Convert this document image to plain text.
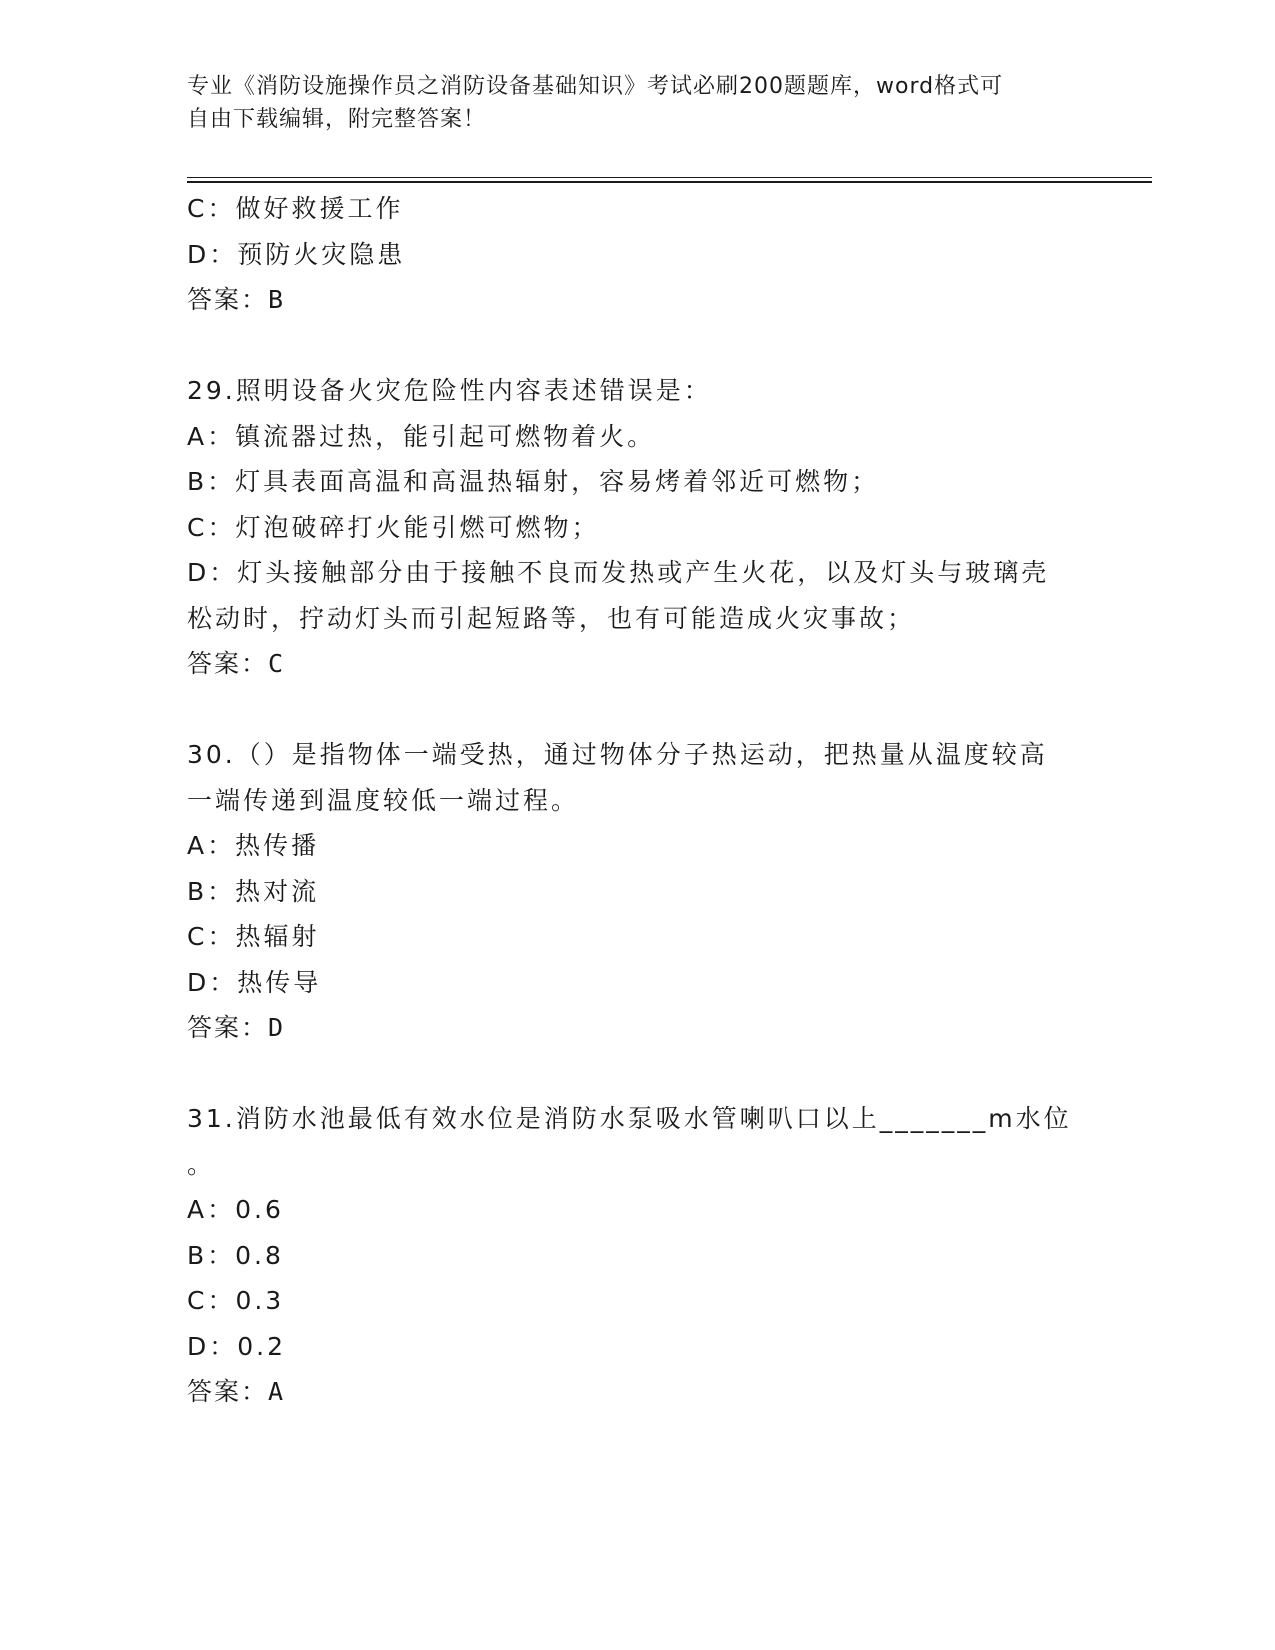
专业《消防设施操作员之消防设备基础知识》考试必刷200题题库，word格式可
自由下载编辑，附完整答案！
C：做好救援工作
D：预防火灾隐患
答案：B
29.照明设备火灾危险性内容表述错误是：
A：镇流器过热，能引起可燃物着火。
B：灯具表面高温和高温热辐射，容易烤着邻近可燃物；
C：灯泡破碎打火能引燃可燃物；
D：灯头接触部分由于接触不良而发热或产生火花，以及灯头与玻璃壳
松动时，拧动灯头而引起短路等，也有可能造成火灾事故；
答案：C
30.（）是指物体一端受热，通过物体分子热运动，把热量从温度较高
一端传递到温度较低一端过程。
A：热传播
B：热对流
C：热辐射
D：热传导
答案：D
31.消防水池最低有效水位是消防水泵吸水管喇叭口以上_______m水位
。
A：0.6
B：0.8
C：0.3
D：0.2
答案：A
